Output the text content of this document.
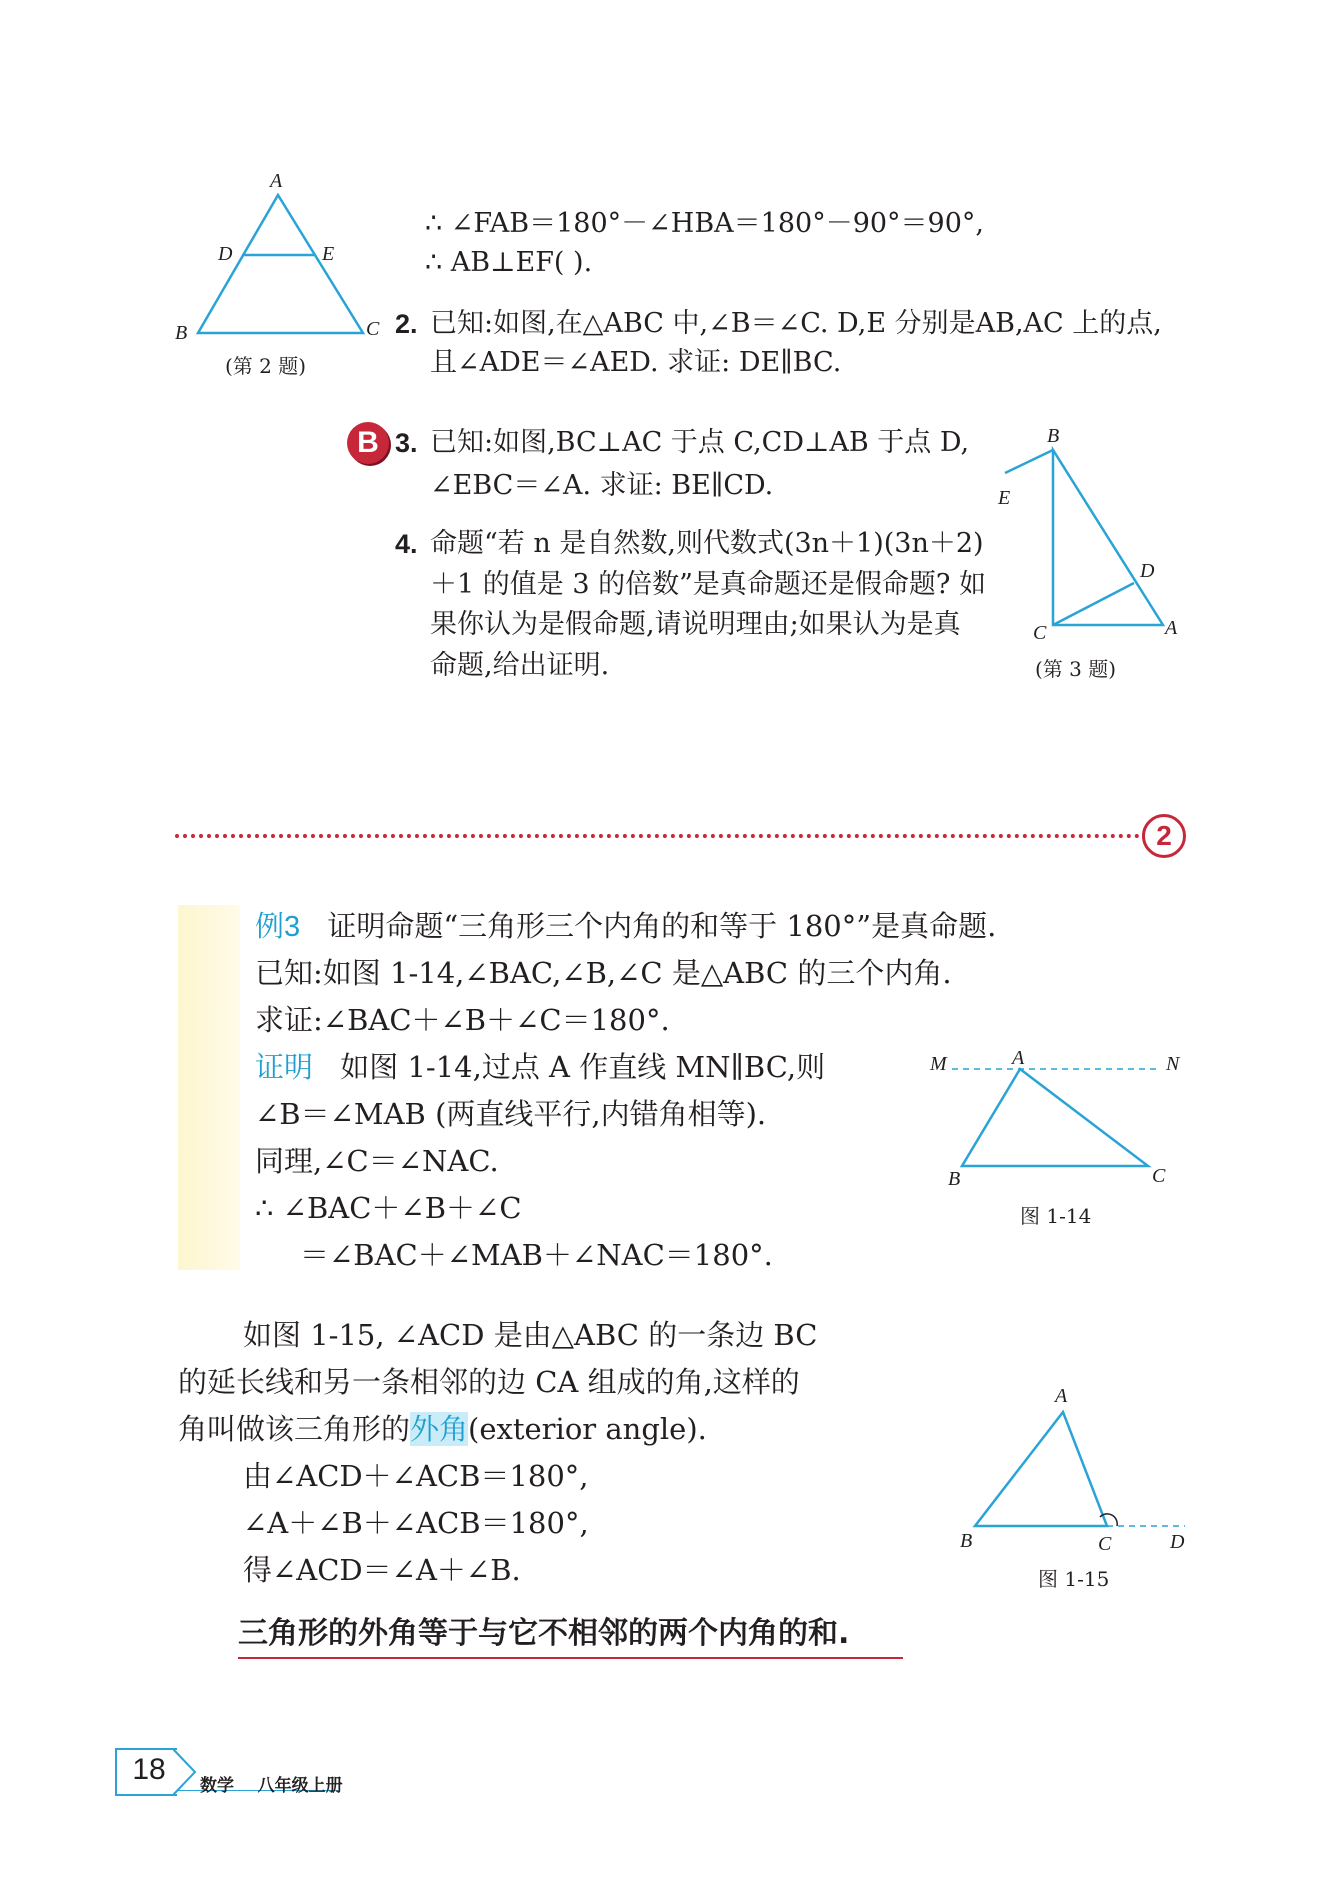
A
D	E
B	C
(第 2 题)
∴ ∠FAB＝180°－∠HBA＝180°－90°＝90°,
∴ AB⊥EF( ).
2. 已知:如图,在△ABC 中,∠B＝∠C. D,E 分别是AB,AC 上的点,
且∠ADE＝∠AED. 求证: DE∥BC.
B 3. 已知:如图,BC⊥AC 于点 C,CD⊥AB 于点 D,
∠EBC＝∠A. 求证: BE∥CD.
4. 命题“若 n 是自然数,则代数式(3n＋1)(3n＋2)
＋1 的值是 3 的倍数”是真命题还是假命题? 如
果你认为是假命题,请说明理由;如果认为是真
命题,给出证明.
B
E
D
C	A
(第 3 题)
2
例3 证明命题“三角形三个内角的和等于 180°”是真命题.
已知:如图 1-14,∠BAC,∠B,∠C 是△ABC 的三个内角.
求证:∠BAC＋∠B＋∠C＝180°.
证明 如图 1-14,过点 A 作直线 MN∥BC,则
∠B＝∠MAB (两直线平行,内错角相等).
同理,∠C＝∠NAC.
∴ ∠BAC＋∠B＋∠C
＝∠BAC＋∠MAB＋∠NAC＝180°.
M	A	N
B	C
图 1-14
如图 1-15, ∠ACD 是由△ABC 的一条边 BC
的延长线和另一条相邻的边 CA 组成的角,这样的
角叫做该三角形的外角(exterior angle).
由∠ACD＋∠ACB＝180°,
∠A＋∠B＋∠ACB＝180°,
得∠ACD＝∠A＋∠B.
A
B	C	D
图 1-15
三角形的外角等于与它不相邻的两个内角的和.
18	数学    八年级上册
